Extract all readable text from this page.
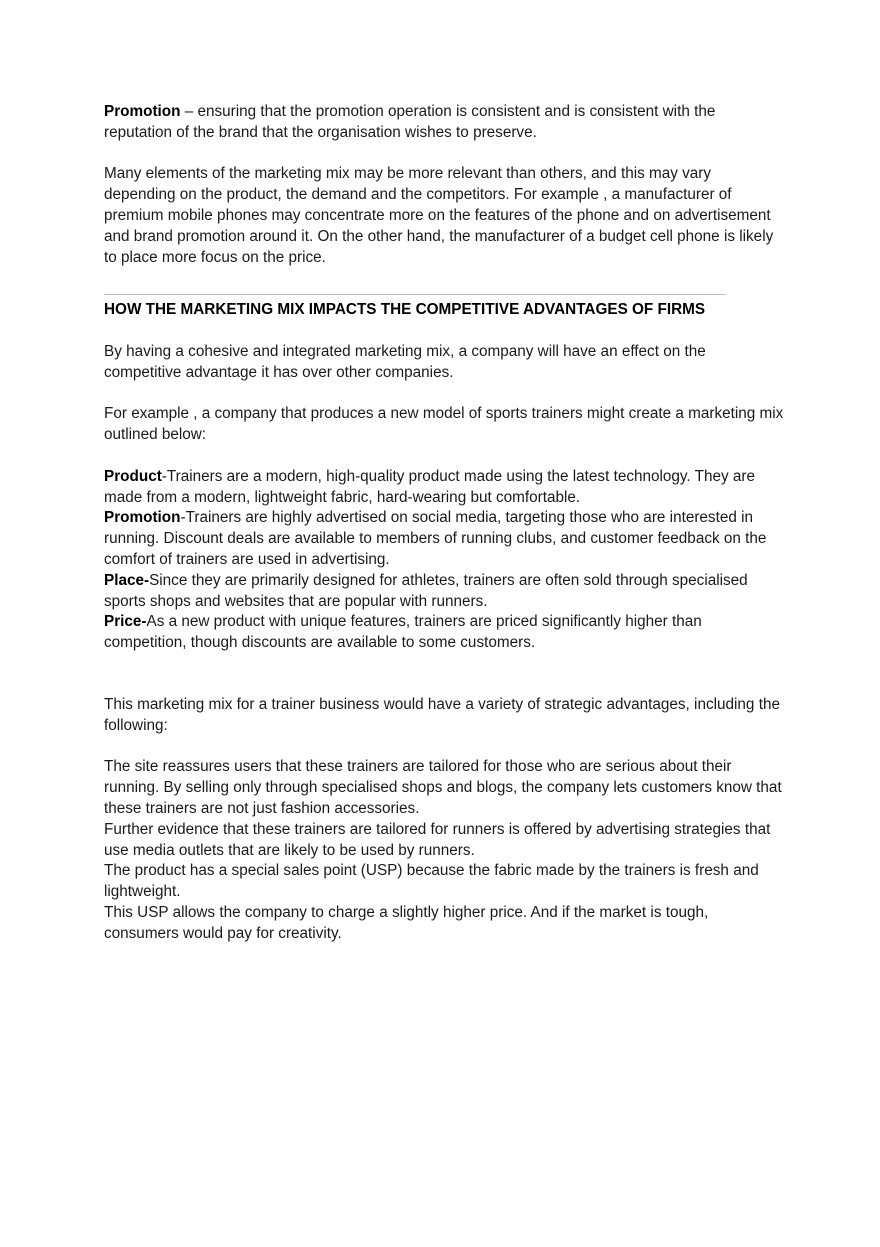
Promotion – ensuring that the promotion operation is consistent and is consistent with the reputation of the brand that the organisation wishes to preserve.

Many elements of the marketing mix may be more relevant than others, and this may vary depending on the product, the demand and the competitors. For example , a manufacturer of premium mobile phones may concentrate more on the features of the phone and on advertisement and brand promotion around it. On the other hand, the manufacturer of a budget cell phone is likely to place more focus on the price.

HOW THE MARKETING MIX IMPACTS THE COMPETITIVE ADVANTAGES OF FIRMS

By having a cohesive and integrated marketing mix, a company will have an effect on the competitive advantage it has over other companies.

For example , a company that produces a new model of sports trainers might create a marketing mix outlined below:

Product-Trainers are a modern, high-quality product made using the latest technology. They are made from a modern, lightweight fabric, hard-wearing but comfortable.

Promotion-Trainers are highly advertised on social media, targeting those who are interested in running. Discount deals are available to members of running clubs, and customer feedback on the comfort of trainers are used in advertising.

Place-Since they are primarily designed for athletes, trainers are often sold through specialised sports shops and websites that are popular with runners.

Price-As a new product with unique features, trainers are priced significantly higher than competition, though discounts are available to some customers.

This marketing mix for a trainer business would have a variety of strategic advantages, including the following:

The site reassures users that these trainers are tailored for those who are serious about their running. By selling only through specialised shops and blogs, the company lets customers know that these trainers are not just fashion accessories.

Further evidence that these trainers are tailored for runners is offered by advertising strategies that use media outlets that are likely to be used by runners.

The product has a special sales point (USP) because the fabric made by the trainers is fresh and lightweight.

This USP allows the company to charge a slightly higher price. And if the market is tough, consumers would pay for creativity.
